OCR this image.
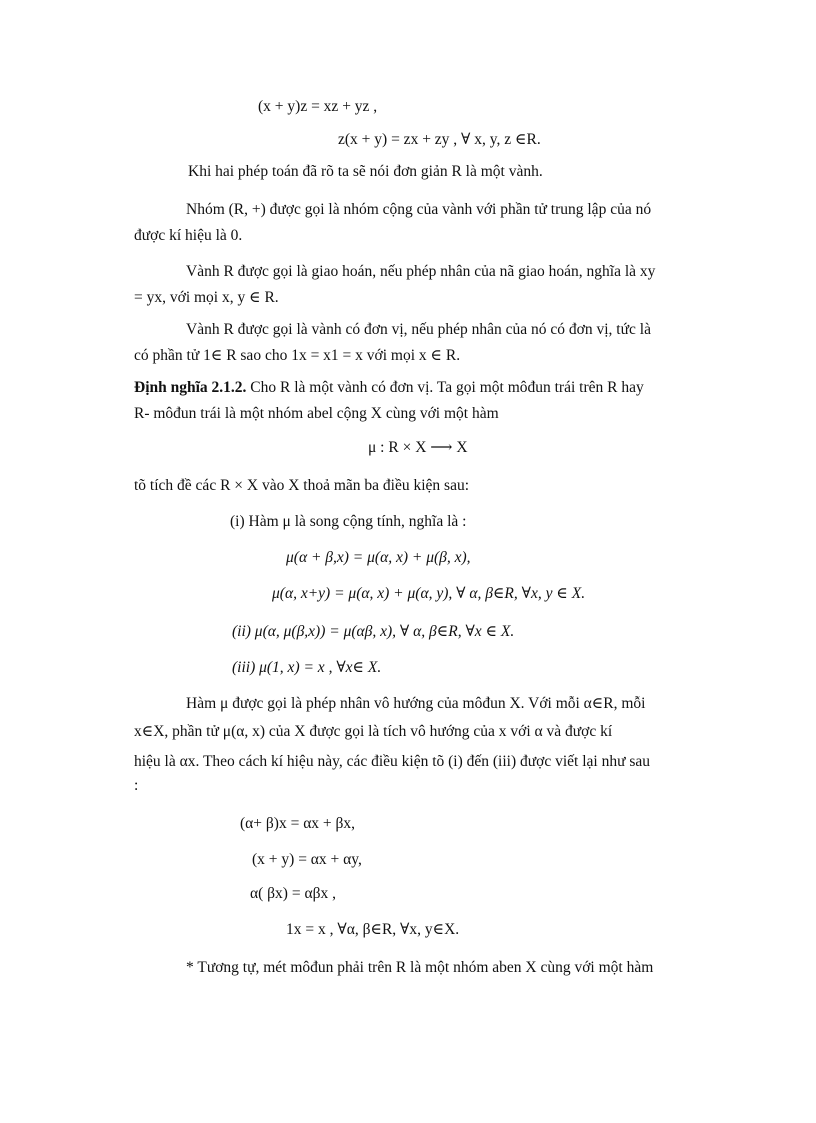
(x + y)z = xz + yz ,
z(x + y) = zx + zy , ∀ x, y, z ∈R.
Khi hai phép toán đã rõ ta sẽ nói đơn giản R là một vành.
Nhóm (R, +) được gọi là nhóm cộng của vành với phần tử trung lập của nó
được kí hiệu là 0.
Vành R được gọi là giao hoán, nếu phép nhân của nã giao hoán, nghĩa là xy
= yx, với mọi x, y ∈ R.
Vành R được gọi là vành có đơn vị, nếu phép nhân của nó có đơn vị, tức là
có phần tử 1∈ R sao cho 1x = x1 = x với mọi x ∈ R.
Định nghĩa 2.1.2. Cho R là một vành có đơn vị. Ta gọi một môđun trái trên R hay
R- môđun trái là một nhóm abel cộng X cùng với một hàm
μ : R × X ⟶ X
tõ tích đề các R × X vào X thoả mãn ba điều kiện sau:
(i) Hàm μ là song cộng tính, nghĩa là :
μ(α + β,x) = μ(α, x) + μ(β, x),
μ(α, x+y) = μ(α, x) + μ(α, y), ∀ α, β∈R, ∀x, y ∈ X.
(ii) μ(α, μ(β,x)) = μ(αβ, x), ∀ α, β∈R, ∀x ∈ X.
(iii) μ(1, x) = x , ∀x∈ X.
Hàm μ được gọi là phép nhân vô hướng của môđun X. Với mỗi α∈R, mỗi
x∈X, phần tử μ(α, x) của X được gọi là tích vô hướng của x với α và được kí
hiệu là αx. Theo cách kí hiệu này, các điều kiện tõ (i) đến (iii) được viết lại như sau
:
(α+ β)x = αx + βx,
(x + y) = αx + αy,
α( βx) = αβx ,
1x = x , ∀α, β∈R, ∀x, y∈X.
* Tương tự, mét môđun phải trên R là một nhóm aben X cùng với một hàm
